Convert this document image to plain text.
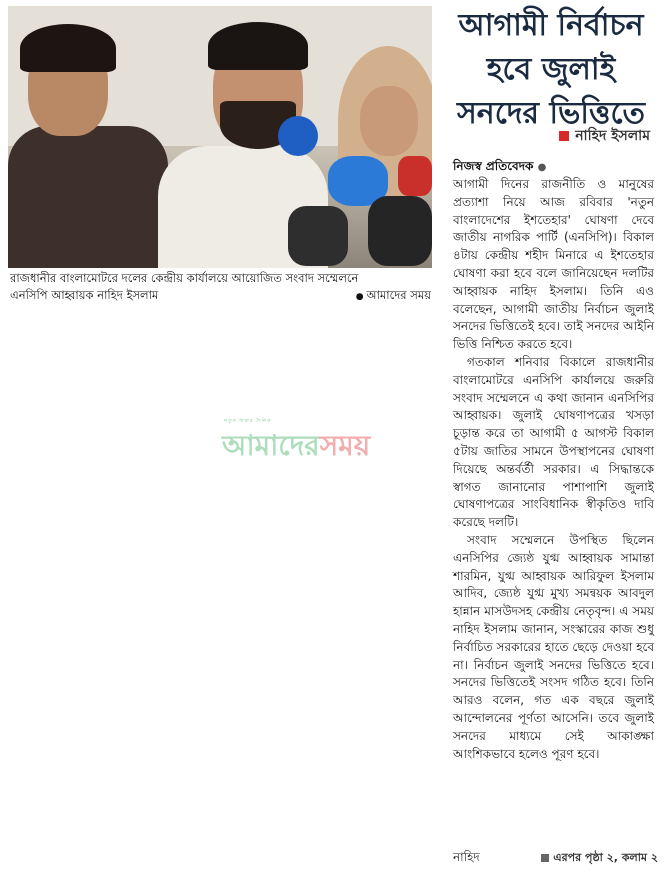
রাজধানীর বাংলামোটরে দলের কেন্দ্রীয় কার্যালয়ে আয়োজিত সংবাদ সম্মেলনে
এনসিপি আহ্বায়ক নাহিদ ইসলাম
●	আমাদের সময়
নতুন ধারার দৈনিক
আমাদেরসময়
আগামী নির্বাচন
হবে জুলাই
সনদের ভিত্তিতে
নাহিদ ইসলাম
নিজস্ব প্রতিবেদক ●

আগামী দিনের রাজনীতি ও মানুষের প্রত্যাশা নিয়ে আজ রবিবার 'নতুন বাংলাদেশের ইশতেহার' ঘোষণা দেবে জাতীয় নাগরিক পার্টি (এনসিপি)। বিকাল ৪টায় কেন্দ্রীয় শহীদ মিনারে এ ইশতেহার ঘোষণা করা হবে বলে জানিয়েছেন দলটির আহ্বায়ক নাহিদ ইসলাম। তিনি এও বলেছেন, আগামী জাতীয় নির্বাচন জুলাই সনদের ভিত্তিতেই হবে। তাই সনদের আইনি ভিত্তি নিশ্চিত করতে হবে।

গতকাল শনিবার বিকালে রাজধানীর বাংলামোটরে এনসিপি কার্যালয়ে জরুরি সংবাদ সম্মেলনে এ কথা জানান এনসিপির আহ্বায়ক। জুলাই ঘোষণাপত্রের খসড়া চূড়ান্ত করে তা আগামী ৫ আগস্ট বিকাল ৫টায় জাতির সামনে উপস্থাপনের ঘোষণা দিয়েছে অন্তর্বর্তী সরকার। এ সিদ্ধান্তকে স্বাগত জানানোর পাশাপাশি জুলাই ঘোষণাপত্রের সাংবিধানিক স্বীকৃতিও দাবি করেছে দলটি।

সংবাদ সম্মেলনে উপস্থিত ছিলেন এনসিপির জ্যেষ্ঠ যুগ্ম আহ্বায়ক সামান্তা শারমিন, যুগ্ম আহ্বায়ক আরিফুল ইসলাম আদিব, জ্যেষ্ঠ যুগ্ম মুখ্য সমন্বয়ক আবদুল হান্নান মাসউদসহ কেন্দ্রীয় নেতৃবৃন্দ। এ সময় নাহিদ ইসলাম জানান, সংস্কারের কাজ শুধু নির্বাচিত সরকারের হাতে ছেড়ে দেওয়া হবে না। নির্বাচন জুলাই সনদের ভিত্তিতে হবে। সনদের ভিত্তিতেই সংসদ গঠিত হবে। তিনি আরও বলেন, গত এক বছরে জুলাই আন্দোলনের পূর্ণতা আসেনি। তবে জুলাই সনদের মাধ্যমে সেই আকাঙ্ক্ষা আংশিকভাবে হলেও পূরণ হবে।

নাহিদ	এরপর পৃষ্ঠা ২, কলাম ২
